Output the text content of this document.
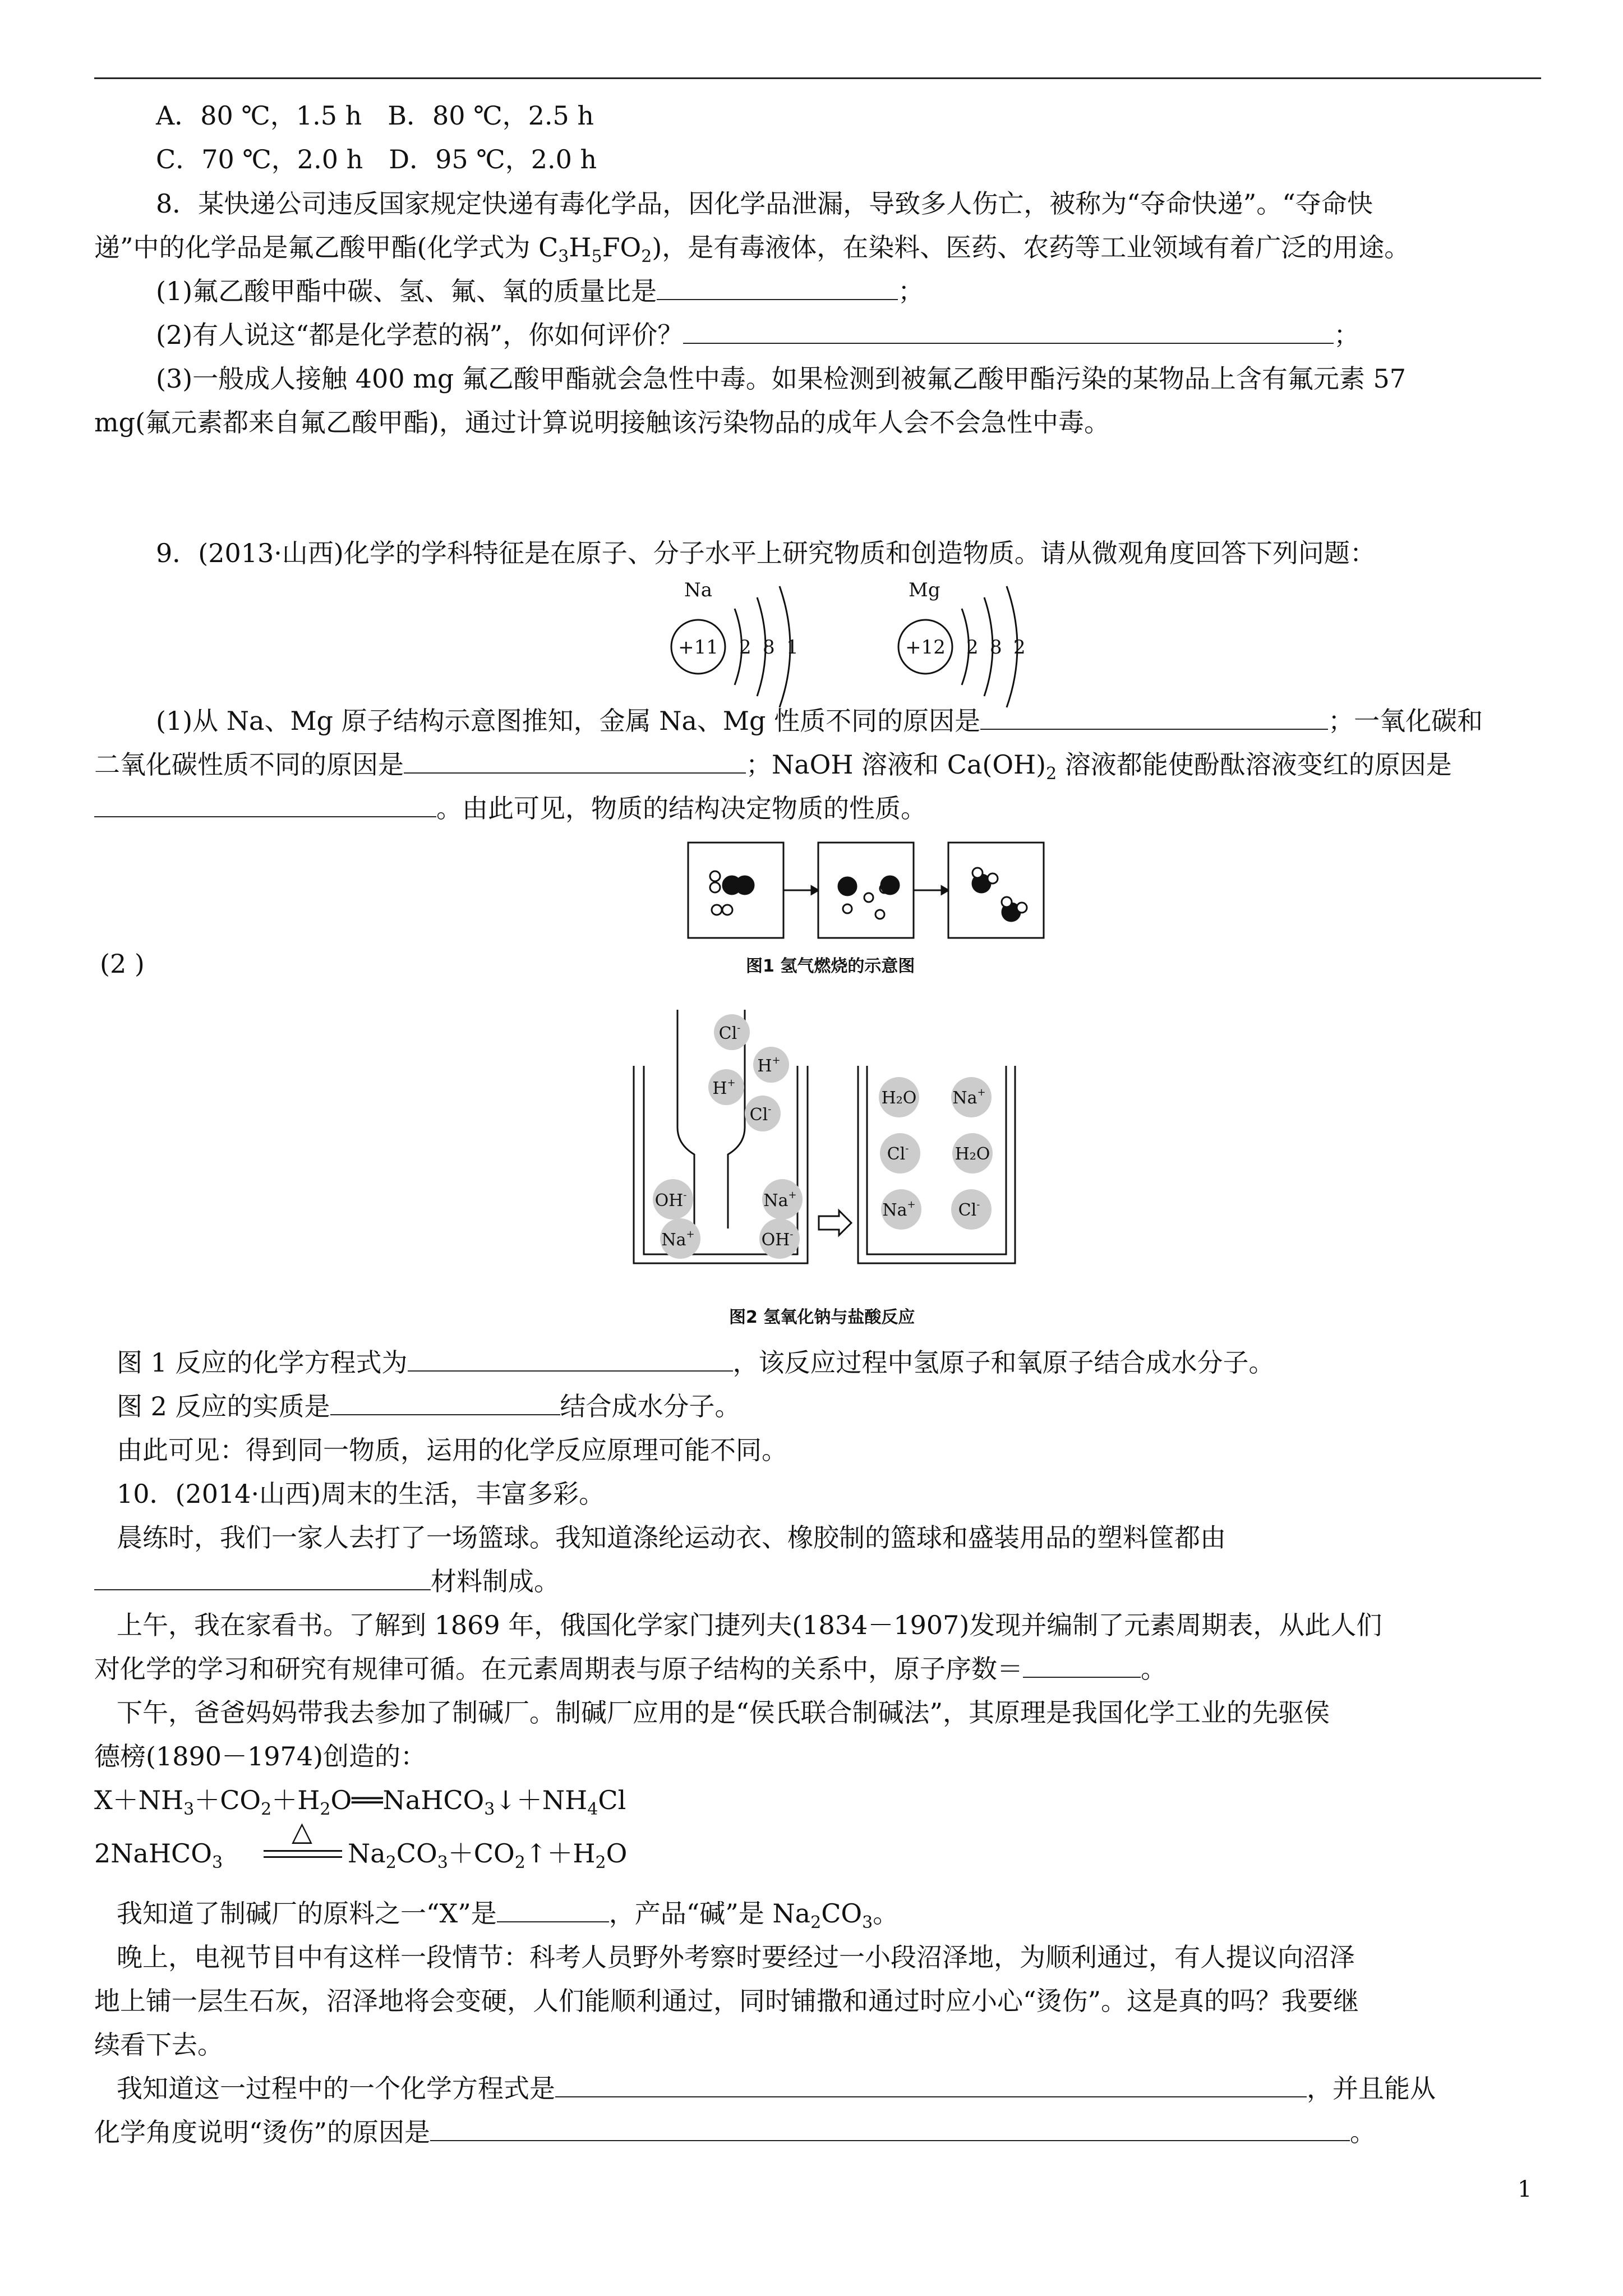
A．80 ℃，1.5 h　B．80 ℃，2.5 h

C．70 ℃，2.0 h　D．95 ℃，2.0 h

8．某快递公司违反国家规定快递有毒化学品，因化学品泄漏，导致多人伤亡，被称为“夺命快递”。“夺命快

递”中的化学品是氟乙酸甲酯(化学式为 $C_3H_5FO_2$)，是有毒液体，在染料、医药、农药等工业领域有着广泛的用途。

(1)氟乙酸甲酯中碳、氢、氟、氧的质量比是	；

(2)有人说这“都是化学惹的祸”，你如何评价？	；

(3)一般成人接触 400 mg 氟乙酸甲酯就会急性中毒。如果检测到被氟乙酸甲酯污染的某物品上含有氟元素 57

mg(氟元素都来自氟乙酸甲酯)，通过计算说明接触该污染物品的成年人会不会急性中毒。

9．(2013·山西)化学的学科特征是在原子、分子水平上研究物质和创造物质。请从微观角度回答下列问题：

Na
+11 2 8 1
Mg
+12 2 8 2

(1)从 Na、Mg 原子结构示意图推知，金属 Na、Mg 性质不同的原因是	；一氧化碳和

二氧化碳性质不同的原因是	；NaOH 溶液和 $Ca(OH)_2$ 溶液都能使酚酞溶液变红的原因是

。由此可见，物质的结构决定物质的性质。

(2 )	图1 氢气燃烧的示意图
Cl-
H+
H+
Cl-
OH-	Na+
Na+	OH-
H₂O Na+
Cl-	H₂O
Na+	Cl-
图2 氢氧化钠与盐酸反应

图 1 反应的化学方程式为	，该反应过程中氢原子和氧原子结合成水分子。

图 2 反应的实质是	结合成水分子。

由此可见：得到同一物质，运用的化学反应原理可能不同。

10．(2014·山西)周末的生活，丰富多彩。

晨练时，我们一家人去打了一场篮球。我知道涤纶运动衣、橡胶制的篮球和盛装用品的塑料筐都由

材料制成。

上午，我在家看书。了解到 1869 年，俄国化学家门捷列夫(1834－1907)发现并编制了元素周期表，从此人们

对化学的学习和研究有规律可循。在元素周期表与原子结构的关系中，原子序数＝	。

下午，爸爸妈妈带我去参加了制碱厂。制碱厂应用的是“侯氏联合制碱法”，其原理是我国化学工业的先驱侯

德榜(1890－1974)创造的：

$X+NH_3+CO_2+H_2O══NaHCO_3↓+NH_4Cl$

△

2NaHCO$_3$	$Na_2CO_3+CO_2↑+H_2O$

我知道了制碱厂的原料之一“X”是	，产品“碱”是 $Na_2CO_3$。

晚上，电视节目中有这样一段情节：科考人员野外考察时要经过一小段沼泽地，为顺利通过，有人提议向沼泽

地上铺一层生石灰，沼泽地将会变硬，人们能顺利通过，同时铺撒和通过时应小心“烫伤”。这是真的吗？我要继

续看下去。

我知道这一过程中的一个化学方程式是	，并且能从

化学角度说明“烫伤”的原因是	。

1
